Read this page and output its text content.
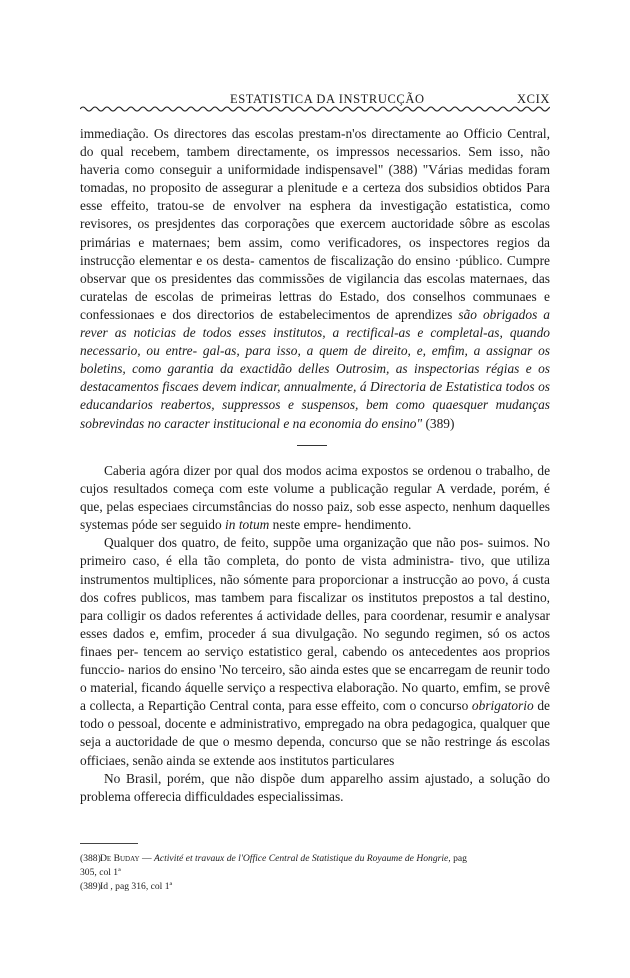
ESTATISTICA DA INSTRUCÇÃO	XCIX

immediação. Os directores das escolas prestam-n'os directamente ao Officio Central, do qual recebem, tambem directamente, os impressos necessarios. Sem isso, não haveria como conseguir a uniformidade indispensavel" (388) "Várias medidas foram tomadas, no proposito de assegurar a plenitude e a certeza dos subsidios obtidos Para esse effeito, tratou-se de envolver na esphera da investigação estatistica, como revisores, os presjdentes das corporações que exercem auctoridade sôbre as escolas primárias e maternaes; bem assim, como verificadores, os inspectores regios da instrucção elementar e os desta- camentos de fiscalização do ensino ·público. Cumpre observar que os presidentes das commissões de vigilancia das escolas maternaes, das curatelas de escolas de primeiras lettras do Estado, dos conselhos communaes e confessionaes e dos directorios de estabelecimentos de aprendizes são obrigados a rever as noticias de todos esses institutos, a rectifical-as e completal-as, quando necessario, ou entre- gal-as, para isso, a quem de direito, e, emfim, a assignar os boletins, como garantia da exactidão delles Outrosim, as inspectorias régias e os destacamentos fiscaes devem indicar, annualmente, á Directoria de Estatistica todos os educandarios reabertos, suppressos e suspensos, bem como quaesquer mudanças sobrevindas no caracter institucional e na economia do ensino" (389)

Caberia agóra dizer por qual dos modos acima expostos se ordenou o trabalho, de cujos resultados começa com este volume a publicação regular A verdade, porém, é que, pelas especiaes circumstâncias do nosso paiz, sob esse aspecto, nenhum daquelles systemas póde ser seguido in totum neste empre- hendimento.

Qualquer dos quatro, de feito, suppõe uma organização que não pos- suimos. No primeiro caso, é ella tão completa, do ponto de vista administra- tivo, que utiliza instrumentos multiplices, não sómente para proporcionar a instrucção ao povo, á custa dos cofres publicos, mas tambem para fiscalizar os institutos prepostos a tal destino, para colligir os dados referentes á actividade delles, para coordenar, resumir e analysar esses dados e, emfim, proceder á sua divulgação. No segundo regimen, só os actos finaes per- tencem ao serviço estatistico geral, cabendo os antecedentes aos proprios funccio- narios do ensino 'No terceiro, são ainda estes que se encarregam de reunir todo o material, ficando áquelle serviço a respectiva elaboração. No quarto, emfim, se provê a collecta, a Repartição Central conta, para esse effeito, com o concurso obrigatorio de todo o pessoal, docente e administrativo, empregado na obra pedagogica, qualquer que seja a auctoridade de que o mesmo dependa, concurso que se não restringe ás escolas officiaes, senão ainda se extende aos institutos particulares

No Brasil, porém, que não dispõe dum apparelho assim ajustado, a solução do problema offerecia difficuldades especialissimas.

(388)De Buday — Activité et travaux de l'Office Central de Statistique du Royaume de Hongrie, pag

305, col 1ª

(389)Id , pag 316, col 1ª
